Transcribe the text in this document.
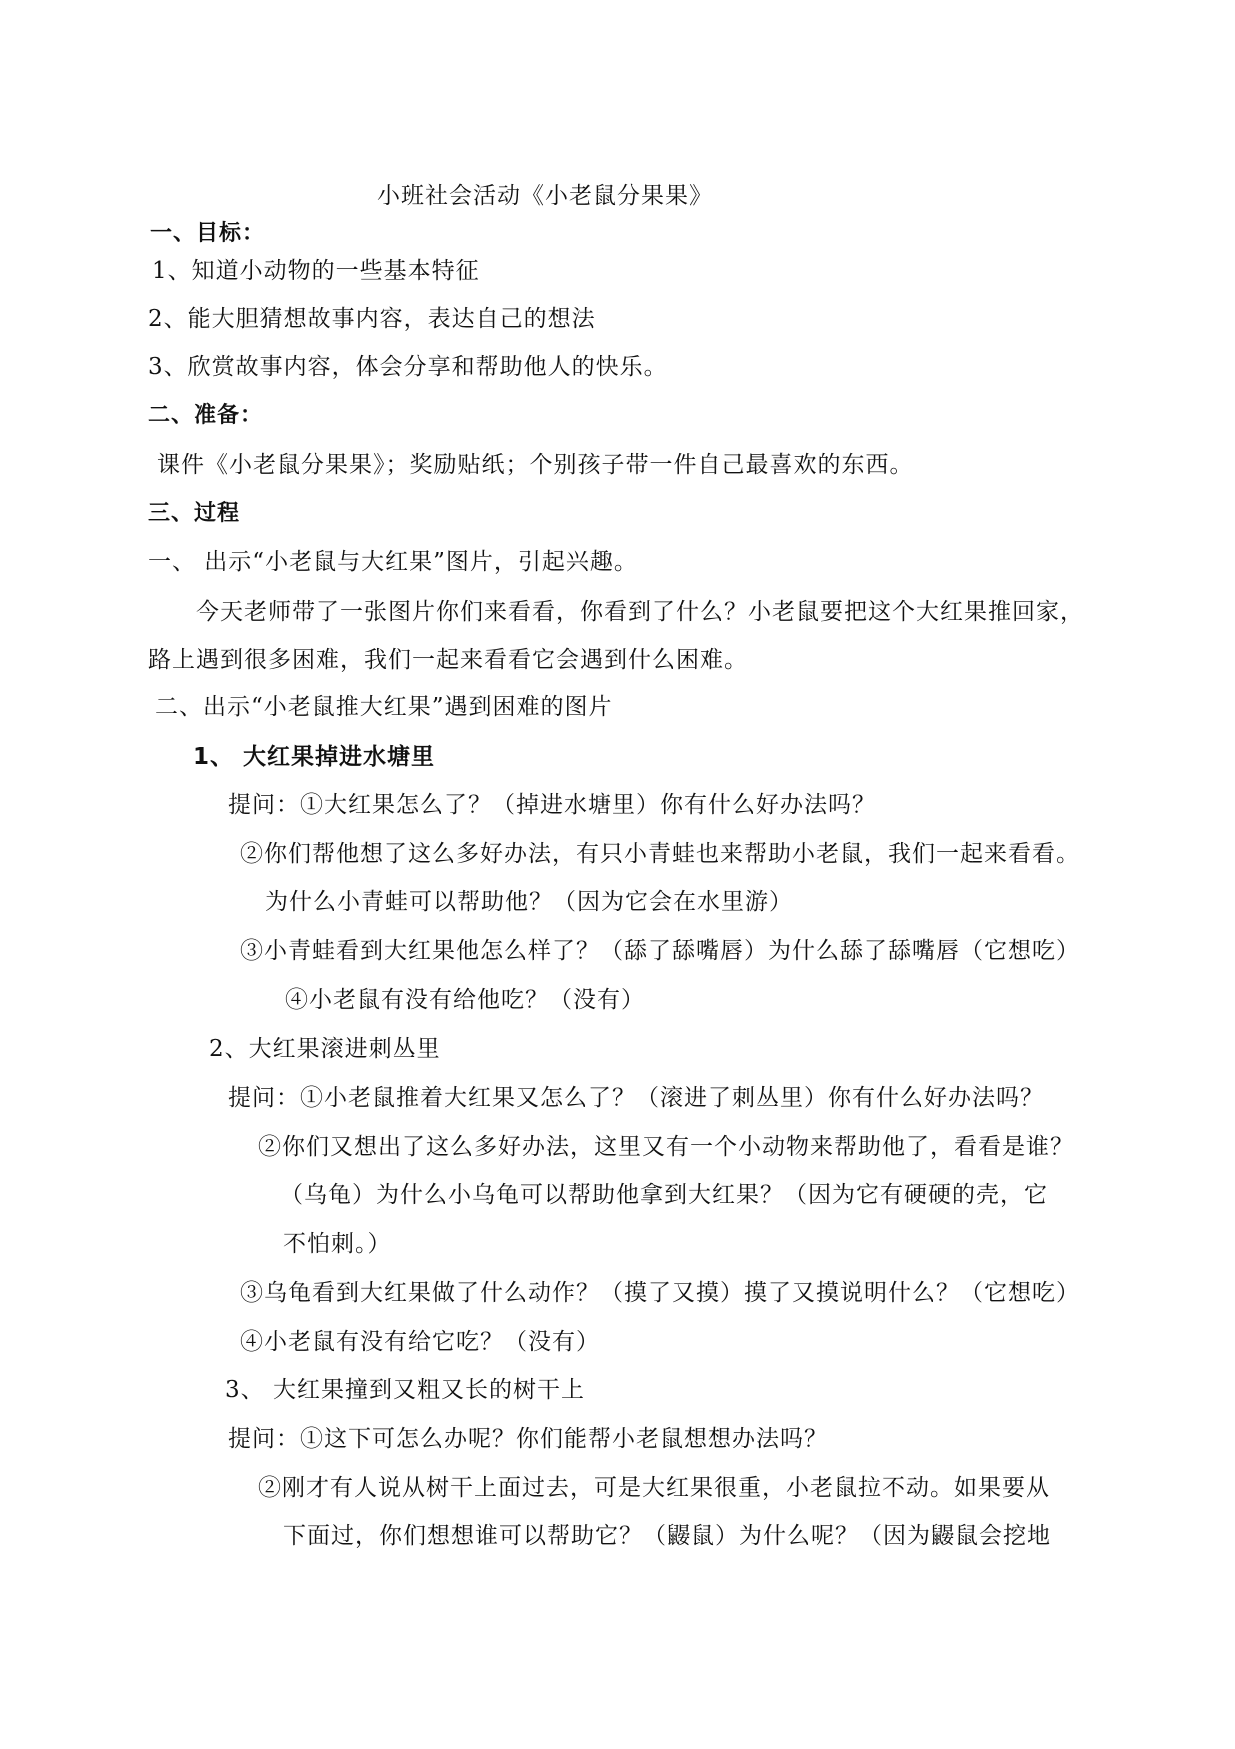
小班社会活动《小老鼠分果果》
一、目标：
1、知道小动物的一些基本特征
2、能大胆猜想故事内容，表达自己的想法
3、欣赏故事内容，体会分享和帮助他人的快乐。
二、准备：
课件《小老鼠分果果》；奖励贴纸；个别孩子带一件自己最喜欢的东西。
三、过程
一、 出示“小老鼠与大红果”图片，引起兴趣。
今天老师带了一张图片你们来看看，你看到了什么？小老鼠要把这个大红果推回家，
路上遇到很多困难，我们一起来看看它会遇到什么困难。
二、出示“小老鼠推大红果”遇到困难的图片
1、 大红果掉进水塘里
提问：①大红果怎么了？（掉进水塘里）你有什么好办法吗？
②你们帮他想了这么多好办法，有只小青蛙也来帮助小老鼠，我们一起来看看。
为什么小青蛙可以帮助他？（因为它会在水里游）
③小青蛙看到大红果他怎么样了？（舔了舔嘴唇）为什么舔了舔嘴唇（它想吃）
④小老鼠有没有给他吃？（没有）
2、大红果滚进刺丛里
提问：①小老鼠推着大红果又怎么了？（滚进了刺丛里）你有什么好办法吗？
②你们又想出了这么多好办法，这里又有一个小动物来帮助他了，看看是谁？
（乌龟）为什么小乌龟可以帮助他拿到大红果？（因为它有硬硬的壳，它
不怕刺。）
③乌龟看到大红果做了什么动作？（摸了又摸）摸了又摸说明什么？（它想吃）
④小老鼠有没有给它吃？（没有）
3、 大红果撞到又粗又长的树干上
提问：①这下可怎么办呢？你们能帮小老鼠想想办法吗？
②刚才有人说从树干上面过去，可是大红果很重，小老鼠拉不动。如果要从
下面过，你们想想谁可以帮助它？（鼹鼠）为什么呢？（因为鼹鼠会挖地
